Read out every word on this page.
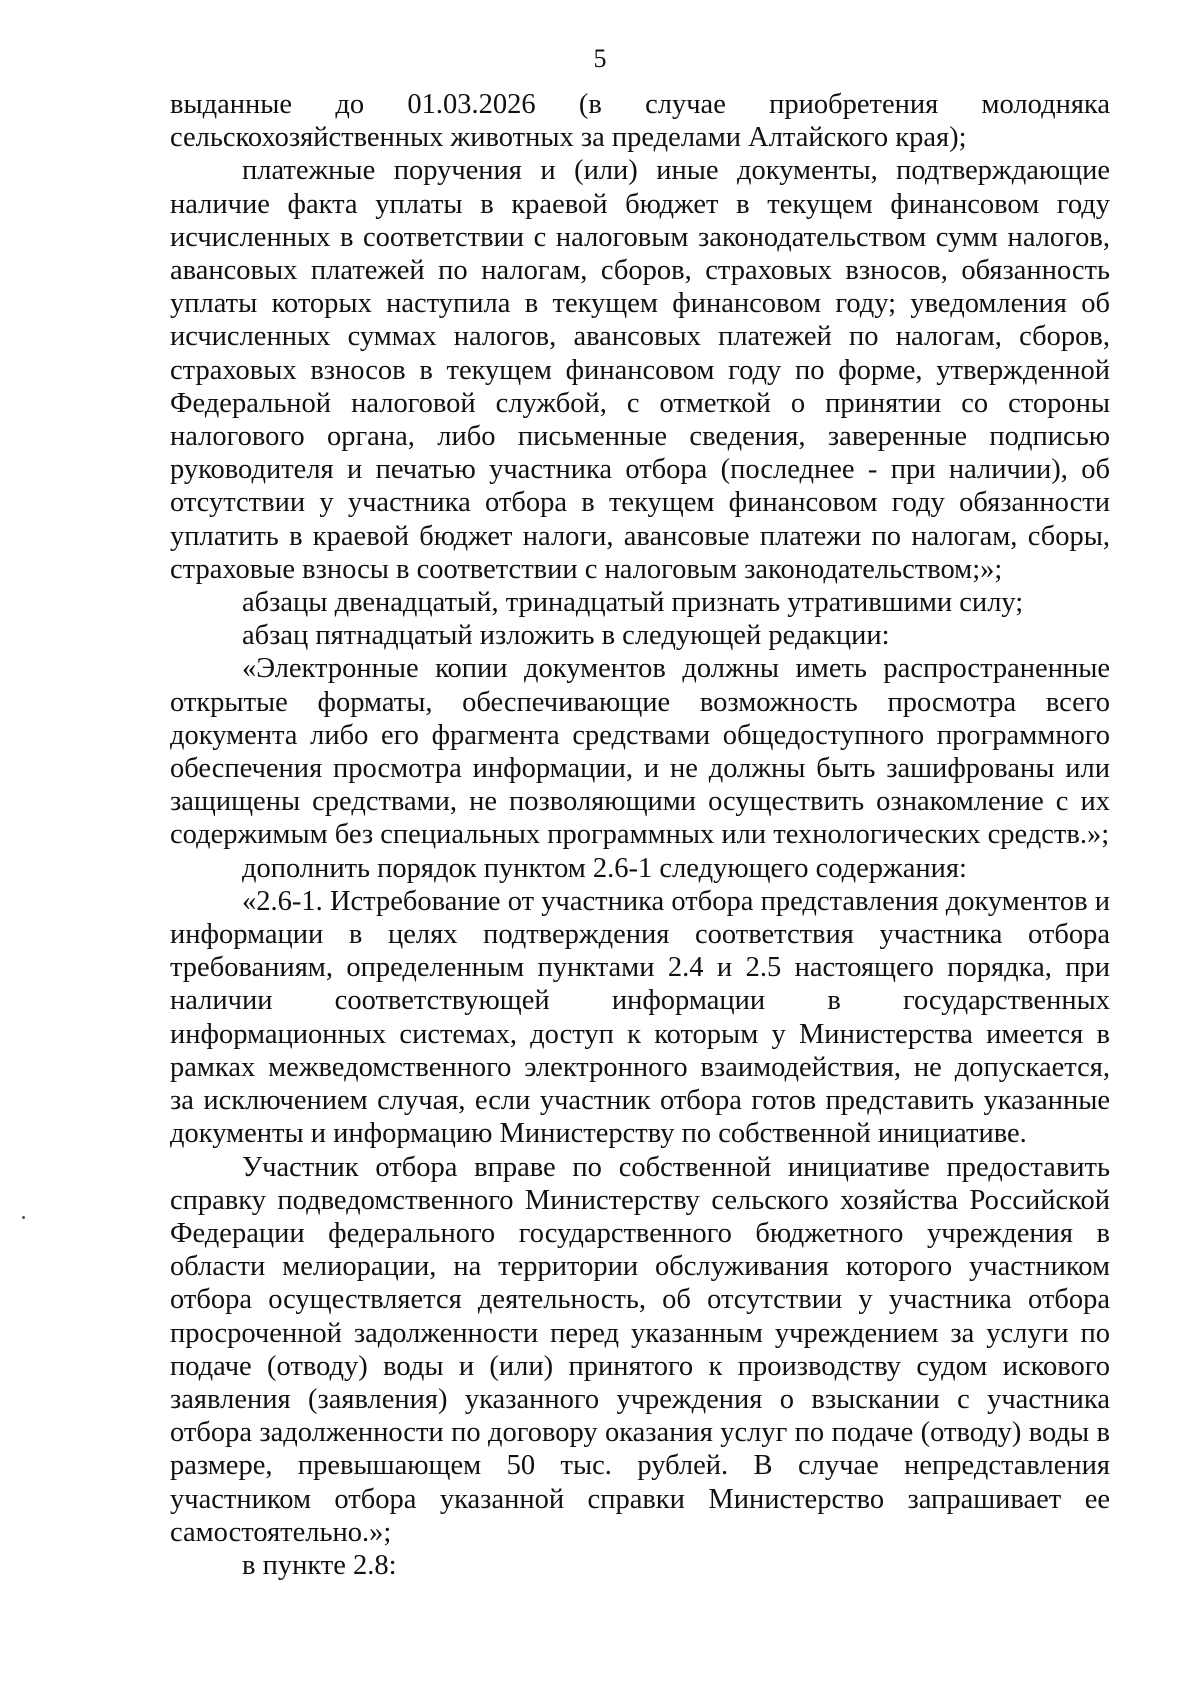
5

выданные до 01.03.2026 (в случае приобретения молодняка сельскохозяйственных животных за пределами Алтайского края);

платежные поручения и (или) иные документы, подтверждающие наличие факта уплаты в краевой бюджет в текущем финансовом году исчисленных в соответствии с налоговым законодательством сумм налогов, авансовых платежей по налогам, сборов, страховых взносов, обязанность уплаты которых наступила в текущем финансовом году; уведомления об исчисленных суммах налогов, авансовых платежей по налогам, сборов, страховых взносов в текущем финансовом году по форме, утвержденной Федеральной налоговой службой, с отметкой о принятии со стороны налогового органа, либо письменные сведения, заверенные подписью руководителя и печатью участника отбора (последнее - при наличии), об отсутствии у участника отбора в текущем финансовом году обязанности уплатить в краевой бюджет налоги, авансовые платежи по налогам, сборы, страховые взносы в соответствии с налоговым законодательством;»;

абзацы двенадцатый, тринадцатый признать утратившими силу;

абзац пятнадцатый изложить в следующей редакции:

«Электронные копии документов должны иметь распространенные открытые форматы, обеспечивающие возможность просмотра всего документа либо его фрагмента средствами общедоступного программного обеспечения просмотра информации, и не должны быть зашифрованы или защищены средствами, не позволяющими осуществить ознакомление с их содержимым без специальных программных или технологических средств.»;

дополнить порядок пунктом 2.6-1 следующего содержания:

«2.6-1. Истребование от участника отбора представления документов и информации в целях подтверждения соответствия участника отбора требованиям, определенным пунктами 2.4 и 2.5 настоящего порядка, при наличии соответствующей информации в государственных информационных системах, доступ к которым у Министерства имеется в рамках межведомственного электронного взаимодействия, не допускается, за исключением случая, если участник отбора готов представить указанные документы и информацию Министерству по собственной инициативе.

Участник отбора вправе по собственной инициативе предоставить справку подведомственного Министерству сельского хозяйства Российской Федерации федерального государственного бюджетного учреждения в области мелиорации, на территории обслуживания которого участником отбора осуществляется деятельность, об отсутствии у участника отбора просроченной задолженности перед указанным учреждением за услуги по подаче (отводу) воды и (или) принятого к производству судом искового заявления (заявления) указанного учреждения о взыскании с участника отбора задолженности по договору оказания услуг по подаче (отводу) воды в размере, превышающем 50 тыс. рублей. В случае непредставления участником отбора указанной справки Министерство запрашивает ее самостоятельно.»;

в пункте 2.8:
